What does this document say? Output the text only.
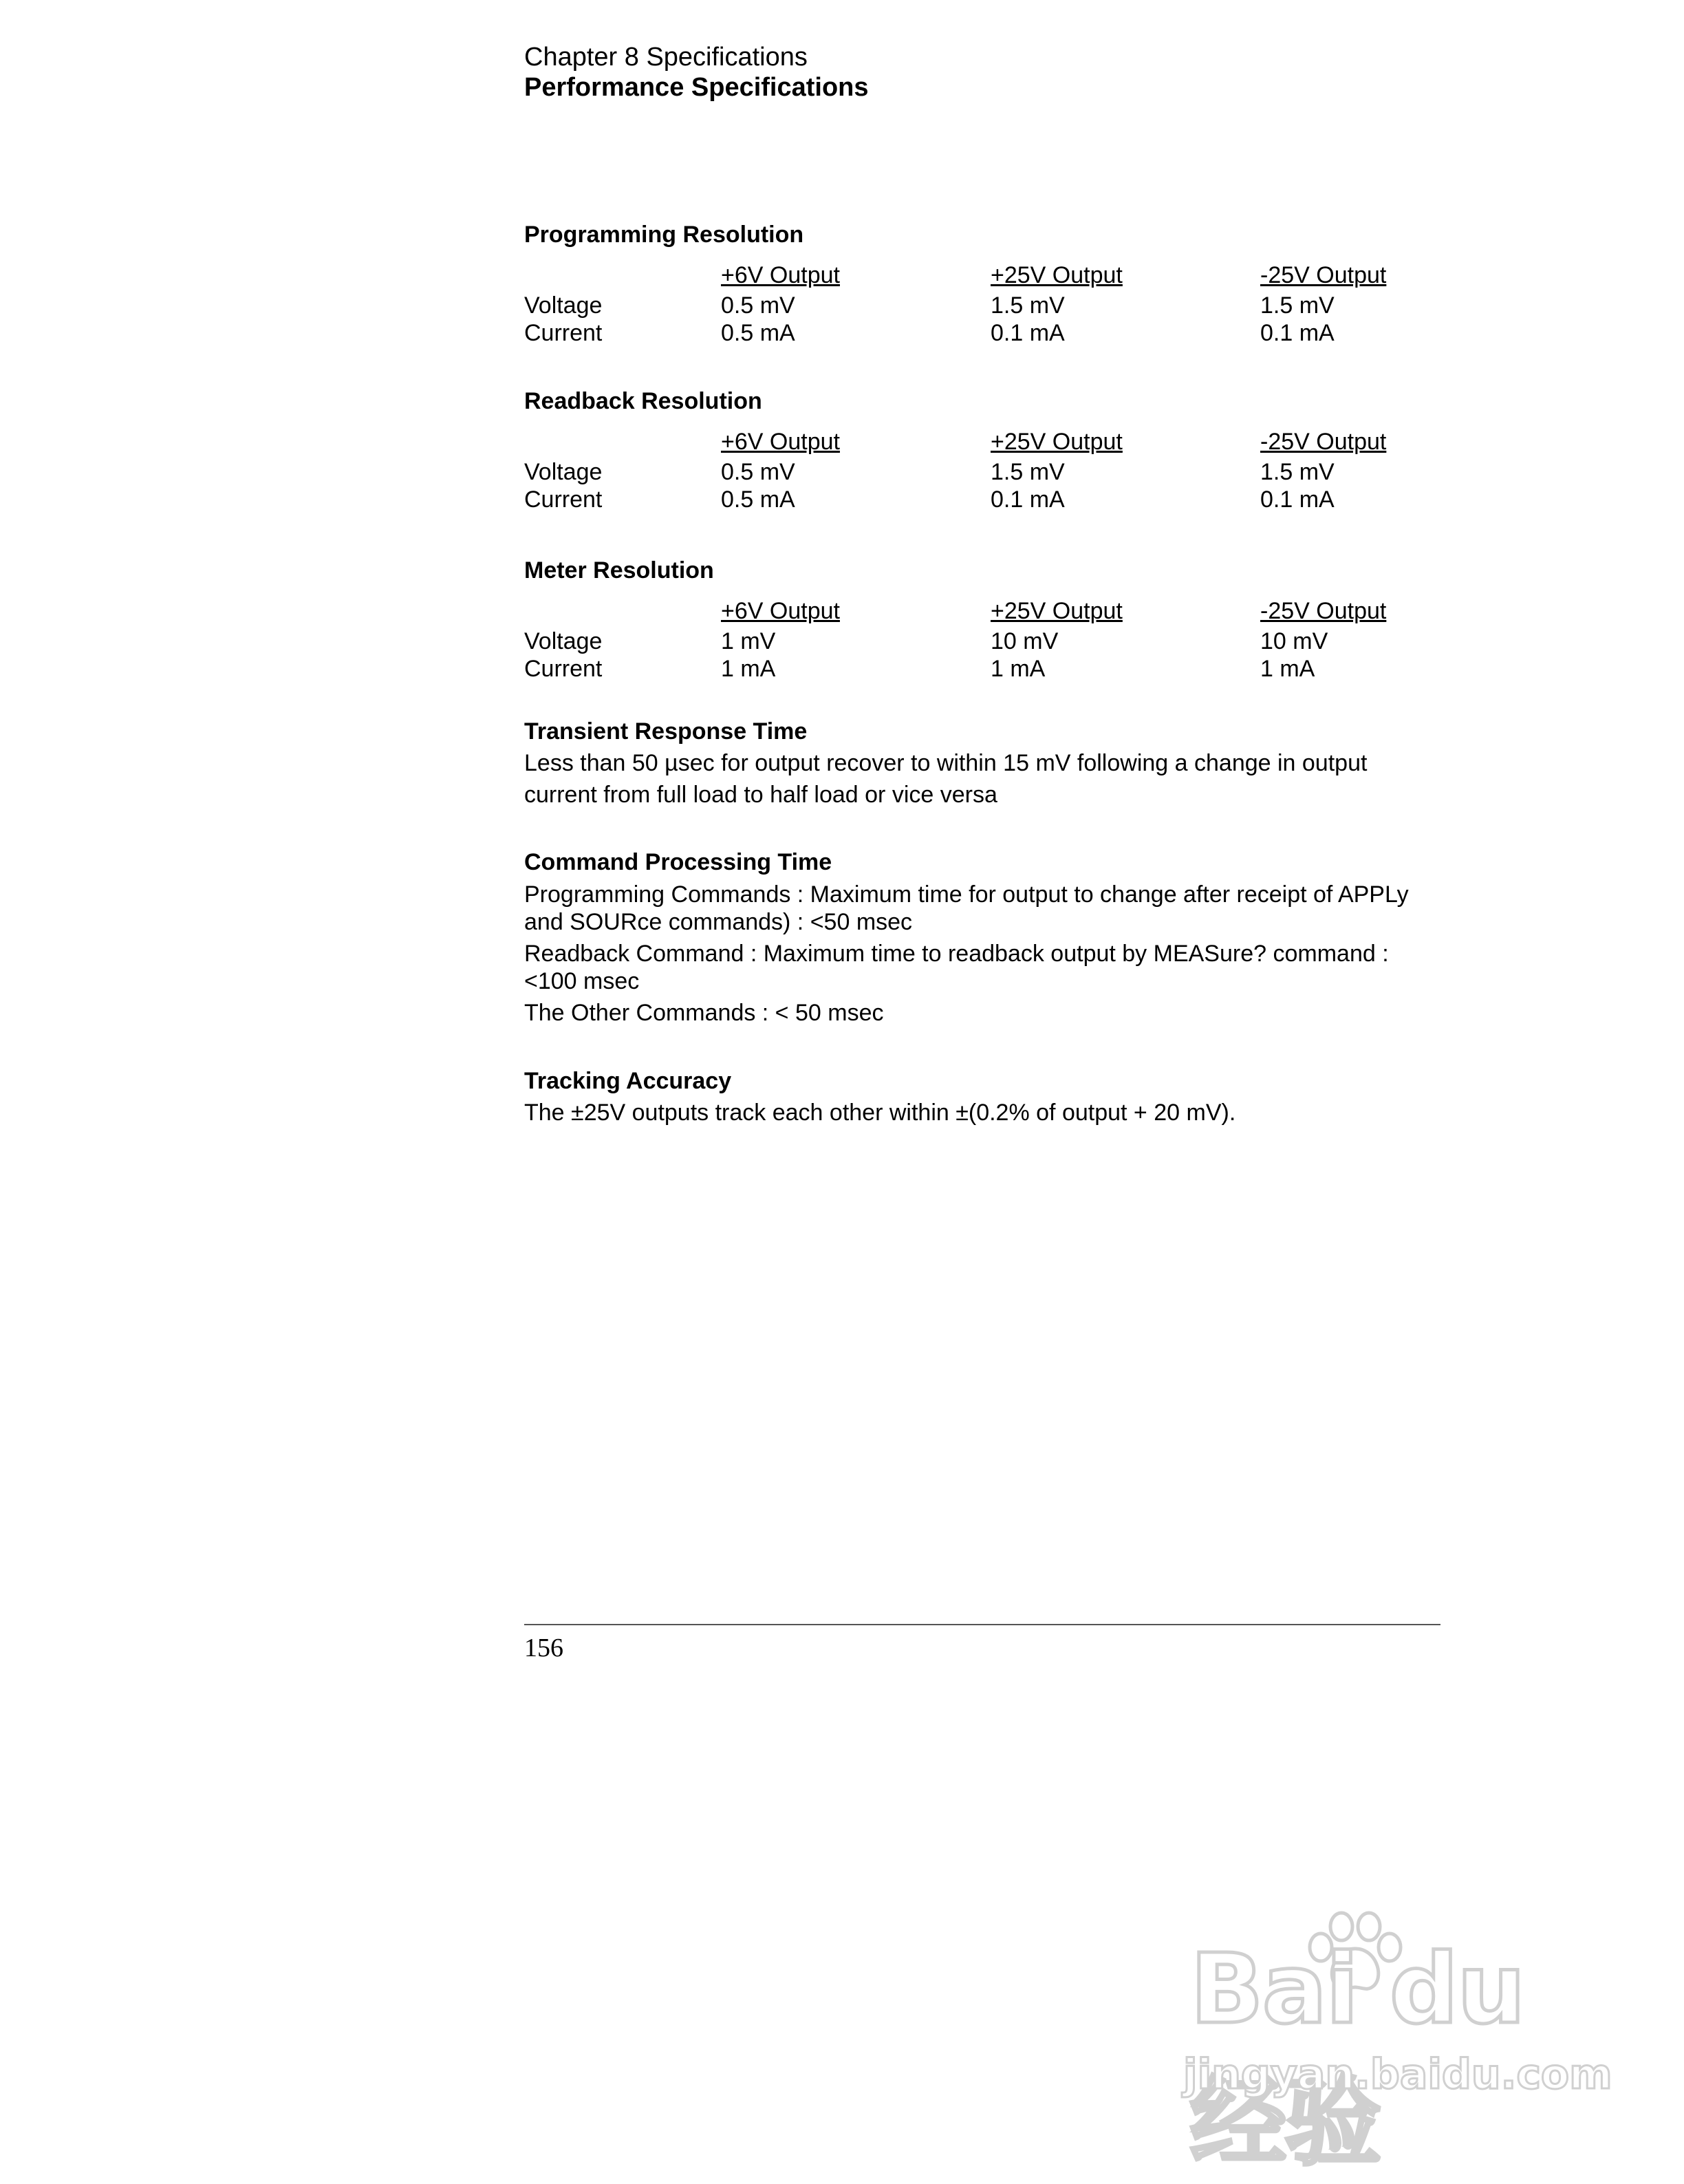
Chapter 8 Specifications
Performance Specifications
Programming Resolution
	+6V Output	+25V Output	-25V Output
Voltage	0.5 mV	1.5 mV	1.5 mV
Current	0.5 mA	0.1 mA	0.1 mA
Readback Resolution
	+6V Output	+25V Output	-25V Output
Voltage	0.5 mV	1.5 mV	1.5 mV
Current	0.5 mA	0.1 mA	0.1 mA
Meter Resolution
	+6V Output	+25V Output	-25V Output
Voltage	1 mV	10 mV	10 mV
Current	1 mA	1 mA	1 mA
Transient Response Time
Less than 50 µsec for output recover to within 15 mV following a change in output current from full load to half load or vice versa
Command Processing Time
Programming Commands : Maximum time for output to change after receipt of APPLy and SOURce commands) : <50 msec
Readback Command : Maximum time to readback output by MEASure? command : <100 msec
The Other Commands : < 50 msec
Tracking Accuracy
The ±25V outputs track each other within ±(0.2% of output + 20 mV).
156
Bai du 经验
jingyan.baidu.com
